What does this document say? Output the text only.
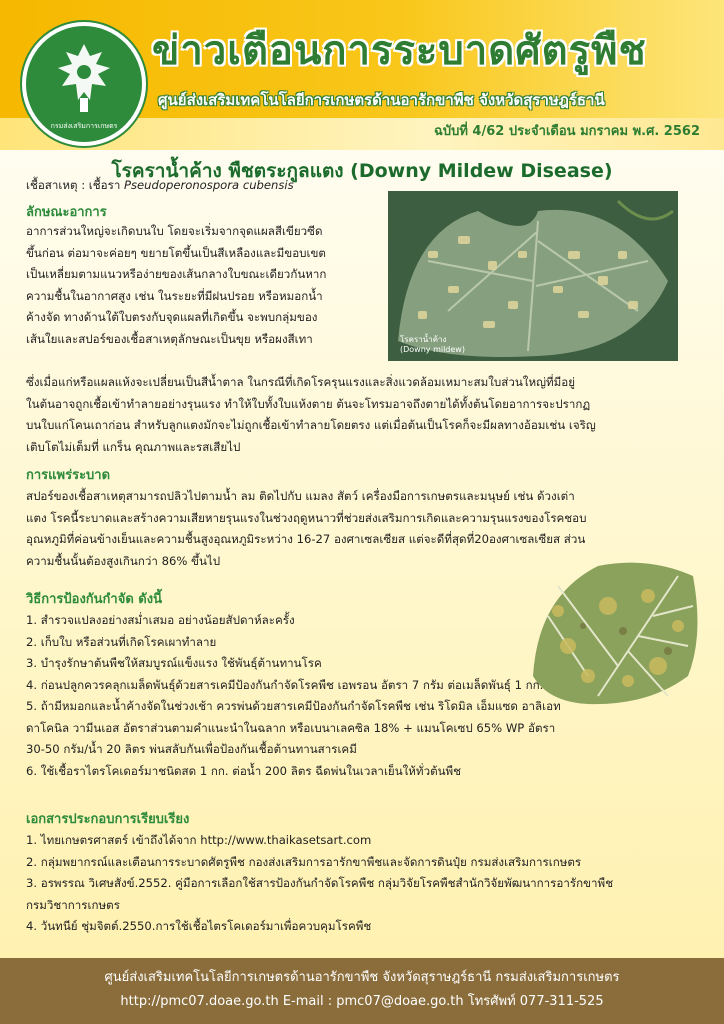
กรมส่งเสริมการเกษตร
ข่าวเตือนการระบาดศัตรูพืช
ศูนย์ส่งเสริมเทคโนโลยีการเกษตรด้านอารักขาพืช จังหวัดสุราษฎร์ธานี
ฉบับที่ 4/62 ประจำเดือน มกราคม พ.ศ. 2562
โรคราน้ำค้าง พืชตระกูลแตง (Downy Mildew Disease)
เชื้อสาเหตุ : เชื้อรา Pseudoperonospora cubensis
ลักษณะอาการ
อาการส่วนใหญ่จะเกิดบนใบ โดยจะเริ่มจากจุดแผลสีเขียวซีด
ขึ้นก่อน ต่อมาจะค่อยๆ ขยายโตขึ้นเป็นสีเหลืองและมีขอบเขต
เป็นเหลี่ยมตามแนวหรือง่ายของเส้นกลางใบขณะเดียวกันหาก
ความชื้นในอากาศสูง เช่น ในระยะที่มีฝนปรอย หรือหมอกน้ำ
ค้างจัด ทางด้านใต้ใบตรงกับจุดแผลที่เกิดขึ้น จะพบกลุ่มของ
เส้นใยและสปอร์ของเชื้อสาเหตุลักษณะเป็นขุย หรือผงสีเทา	โรคราน้ำค้าง
(Downy mildew)
ซึ่งเมื่อแก่หรือแผลแห้งจะเปลี่ยนเป็นสีน้ำตาล ในกรณีที่เกิดโรครุนแรงและสิ่งแวดล้อมเหมาะสมใบส่วนใหญ่ที่มีอยู่
ในต้นอาจถูกเชื้อเข้าทำลายอย่างรุนแรง ทำให้ใบทั้งใบแห้งตาย ต้นจะโทรมอาจถึงตายได้ทั้งต้นโดยอาการจะปรากฏ
บนใบแก่โคนเถาก่อน สำหรับลูกแตงมักจะไม่ถูกเชื้อเข้าทำลายโดยตรง แต่เมื่อต้นเป็นโรคก็จะมีผลทางอ้อมเช่น เจริญ
เติบโตไม่เต็มที่ แกร็น คุณภาพและรสเสียไป
การแพร่ระบาด
สปอร์ของเชื้อสาเหตุสามารถปลิวไปตามน้ำ ลม ติดไปกับ แมลง สัตว์ เครื่องมือการเกษตรและมนุษย์ เช่น ด้วงเต่า
แตง โรคนี้ระบาดและสร้างความเสียหายรุนแรงในช่วงฤดูหนาวที่ช่วยส่งเสริมการเกิดและความรุนแรงของโรคชอบ
อุณหภูมิที่ค่อนข้างเย็นและความชื้นสูงอุณหภูมิระหว่าง 16-27 องศาเซลเซียส แต่จะดีที่สุดที่20องศาเซลเซียส ส่วน
ความชื้นนั้นต้องสูงเกินกว่า 86% ขึ้นไป
วิธีการป้องกันกำจัด ดังนี้
1. สำรวจแปลงอย่างสม่ำเสมอ อย่างน้อยสัปดาห์ละครั้ง
2. เก็บใบ หรือส่วนที่เกิดโรคเผาทำลาย
3. บำรุงรักษาต้นพืชให้สมบูรณ์แข็งแรง ใช้พันธุ์ต้านทานโรค
4. ก่อนปลูกควรคลุกเมล็ดพันธุ์ด้วยสารเคมีป้องกันกำจัดโรคพืช เอพรอน อัตรา 7 กรัม ต่อเมล็ดพันธุ์ 1 กก.
5. ถ้ามีหมอกและน้ำค้างจัดในช่วงเช้า ควรพ่นด้วยสารเคมีป้องกันกำจัดโรคพืช เช่น ริโดมิล เอ็มแซด อาลิเอท
ดาโคนิล วามีนเอส อัตราส่วนตามคำแนะนำในฉลาก หรือเบนาเลคซิล 18% + แมนโคเซป 65% WP อัตรา
30-50 กรัม/น้ำ 20 ลิตร พ่นสลับกันเพื่อป้องกันเชื้อต้านทานสารเคมี
6. ใช้เชื้อราไตรโคเดอร์มาชนิดสด 1 กก. ต่อน้ำ 200 ลิตร ฉีดพ่นในเวลาเย็นให้ทั่วต้นพืช
เอกสารประกอบการเรียบเรียง
1. ไทยเกษตรศาสตร์ เข้าถึงได้จาก http://www.thaikasetsart.com
2. กลุ่มพยากรณ์และเตือนการระบาดศัตรูพืช กองส่งเสริมการอารักขาพืชและจัดการดินปุ๋ย กรมส่งเสริมการเกษตร
3. อรพรรณ วิเศษสังข์.2552. คู่มือการเลือกใช้สารป้องกันกำจัดโรคพืช กลุ่มวิจัยโรคพืชสำนักวิจัยพัฒนาการอารักขาพืช
กรมวิชาการเกษตร
4. วันทนีย์ ชุ่มจิตต์.2550.การใช้เชื้อไตรโคเดอร์มาเพื่อควบคุมโรคพืช
ศูนย์ส่งเสริมเทคโนโลยีการเกษตรด้านอารักขาพืช จังหวัดสุราษฎร์ธานี กรมส่งเสริมการเกษตร
http://pmc07.doae.go.th E-mail : pmc07@doae.go.th โทรศัพท์ 077-311-525
